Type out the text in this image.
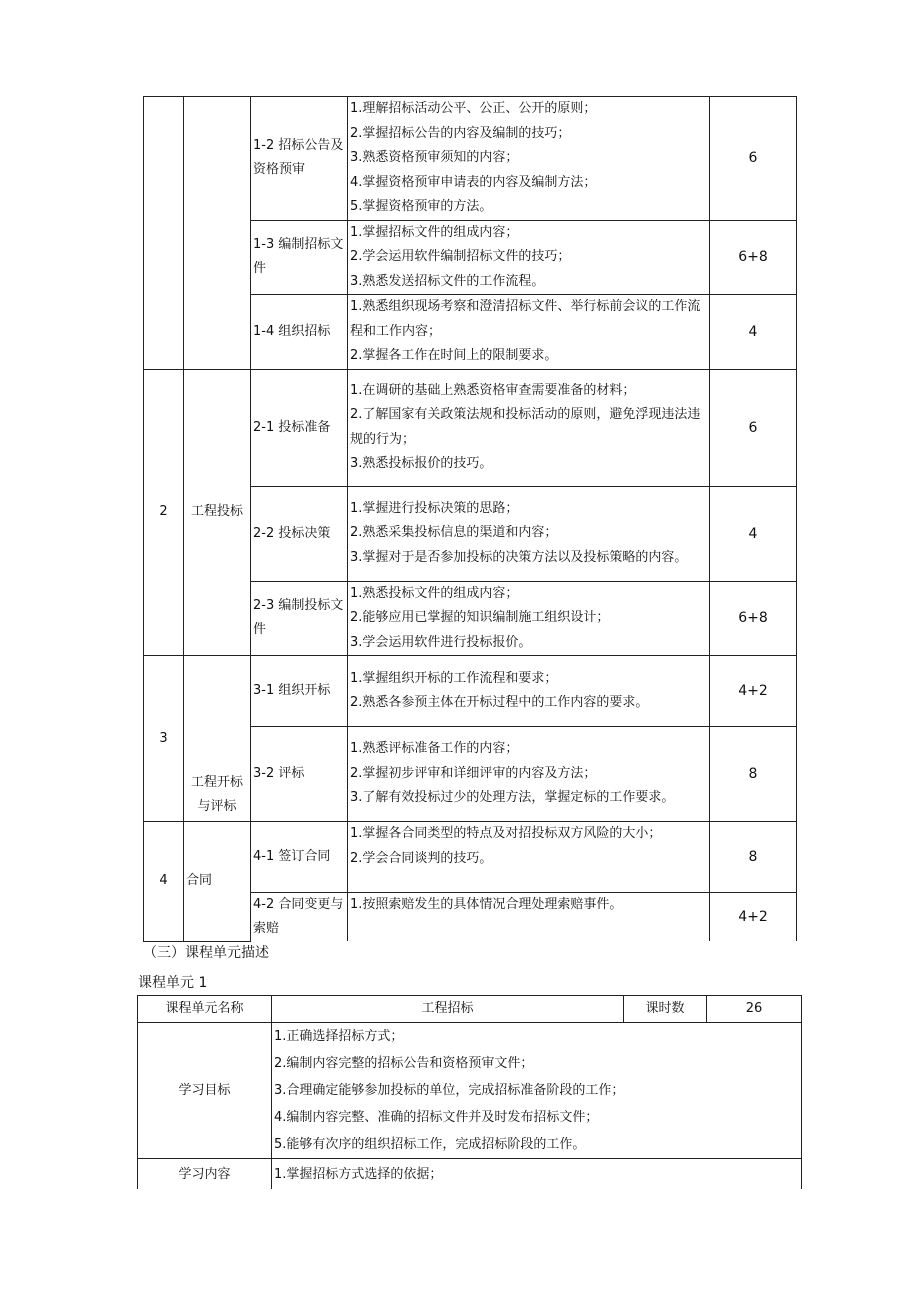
		1-2 招标公告及资格预审	1.理解招标活动公平、公正、公开的原则；
2.掌握招标公告的内容及编制的技巧；
3.熟悉资格预审须知的内容；
4.掌握资格预审申请表的内容及编制方法；
5.掌握资格预审的方法。	6
		1-3 编制招标文件	1.掌握招标文件的组成内容；
2.学会运用软件编制招标文件的技巧；
3.熟悉发送招标文件的工作流程。	6+8
		1-4 组织招标	1.熟悉组织现场考察和澄清招标文件、举行标前会议的工作流程和工作内容；
2.掌握各工作在时间上的限制要求。	4
2	工程投标	2-1 投标准备	1.在调研的基础上熟悉资格审查需要准备的材料；
2.了解国家有关政策法规和投标活动的原则，避免浮现违法违规的行为；
3.熟悉投标报价的技巧。	6
		2-2 投标决策	1.掌握进行投标决策的思路；
2.熟悉采集投标信息的渠道和内容；
3.掌握对于是否参加投标的决策方法以及投标策略的内容。	4
		2-3 编制投标文件	1.熟悉投标文件的组成内容；
2.能够应用已掌握的知识编制施工组织设计；
3.学会运用软件进行投标报价。	6+8
3	工程开标与评标	3-1 组织开标	1.掌握组织开标的工作流程和要求；
2.熟悉各参预主体在开标过程中的工作内容的要求。	4+2
		3-2 评标	1.熟悉评标准备工作的内容；
2.掌握初步评审和详细评审的内容及方法；
3.了解有效投标过少的处理方法，掌握定标的工作要求。	8
4	合同	4-1 签订合同	1.掌握各合同类型的特点及对招投标双方风险的大小；
2.学会合同谈判的技巧。	8
		4-2 合同变更与索赔	1.按照索赔发生的具体情况合理处理索赔事件。	4+2
（三）课程单元描述
课程单元 1
课程单元名称	工程招标	课时数	26
学习目标	1.正确选择招标方式；
2.编制内容完整的招标公告和资格预审文件；
3.合理确定能够参加投标的单位，完成招标准备阶段的工作；
4.编制内容完整、准确的招标文件并及时发布招标文件；
5.能够有次序的组织招标工作，完成招标阶段的工作。		

学习内容	1.掌握招标方式选择的依据；		
